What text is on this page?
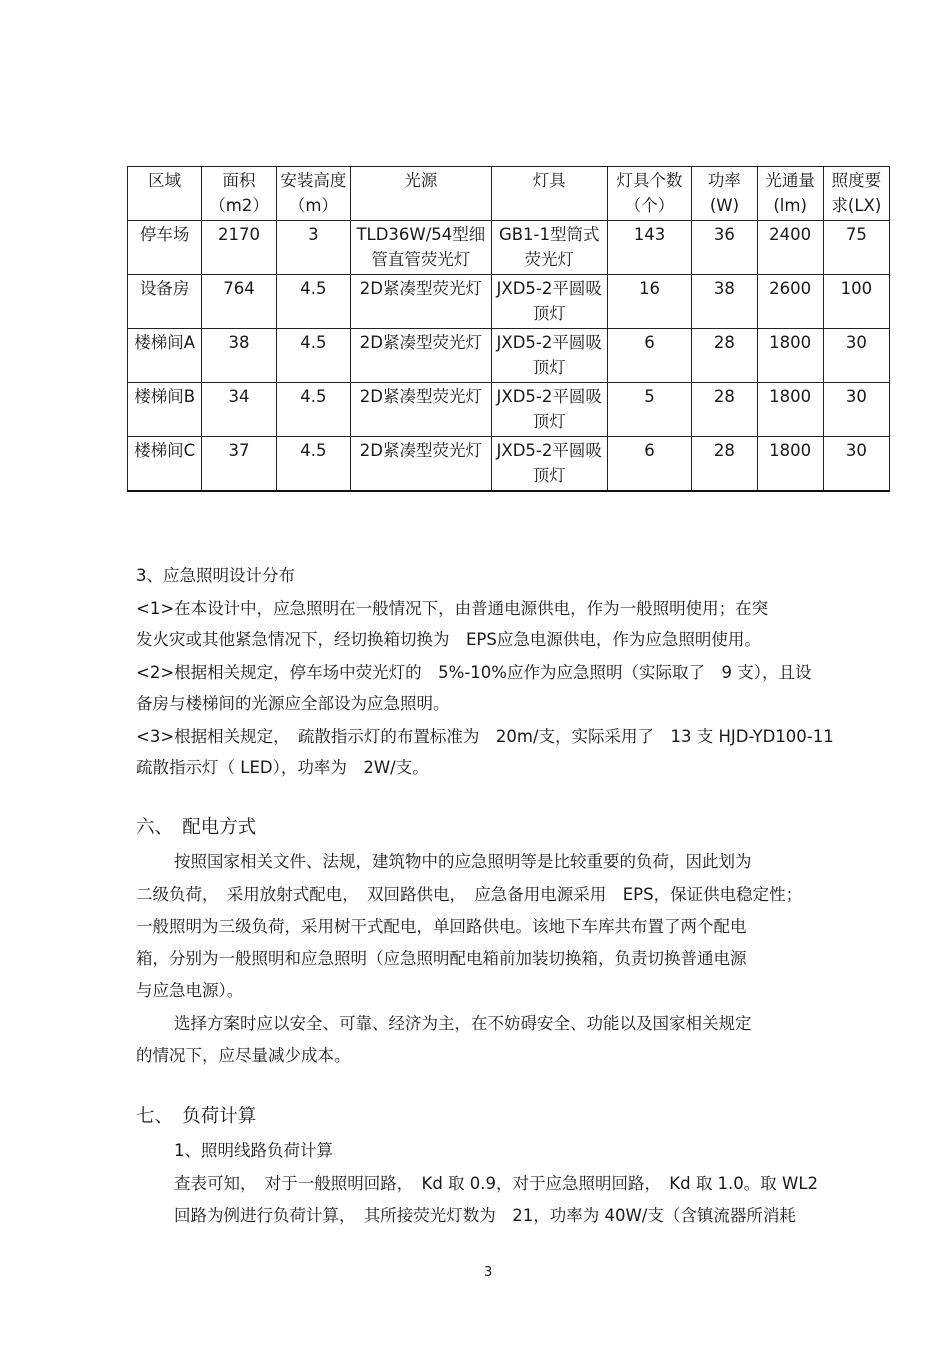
区域	面积（m2）	安装高度（m）	光源	灯具	灯具个数（个）	功率(W)	光通量(lm)	照度要求(LX)
停车场	2170	3	TLD36W/54型细管直管荧光灯	GB1-1型筒式荧光灯	143	36	2400	75
设备房	764	4.5	2D紧凑型荧光灯	JXD5-2平圆吸顶灯	16	38	2600	100
楼梯间A	38	4.5	2D紧凑型荧光灯	JXD5-2平圆吸顶灯	6	28	1800	30
楼梯间B	34	4.5	2D紧凑型荧光灯	JXD5-2平圆吸顶灯	5	28	1800	30
楼梯间C	37	4.5	2D紧凑型荧光灯	JXD5-2平圆吸顶灯	6	28	1800	30
3、应急照明设计分布
<1>在本设计中，应急照明在一般情况下，由普通电源供电，作为一般照明使用；在突
发火灾或其他紧急情况下，经切换箱切换为　EPS应急电源供电，作为应急照明使用。
<2>根据相关规定，停车场中荧光灯的　5%-10%应作为应急照明（实际取了　9 支），且设
备房与楼梯间的光源应全部设为应急照明。
<3>根据相关规定，　疏散指示灯的布置标准为　20m/支，实际采用了　13 支 HJD-YD100-11
疏散指示灯（ LED），功率为　2W/支。
六、　配电方式
按照国家相关文件、法规，建筑物中的应急照明等是比较重要的负荷，因此划为
二级负荷，　采用放射式配电，　双回路供电，　应急备用电源采用　EPS，保证供电稳定性；
一般照明为三级负荷，采用树干式配电，单回路供电。该地下车库共布置了两个配电
箱，分别为一般照明和应急照明（应急照明配电箱前加装切换箱，负责切换普通电源
与应急电源）。
选择方案时应以安全、可靠、经济为主，在不妨碍安全、功能以及国家相关规定
的情况下，应尽量减少成本。
七、　负荷计算
1、照明线路负荷计算
查表可知，　对于一般照明回路，　Kd 取 0.9，对于应急照明回路，　Kd 取 1.0。取 WL2
回路为例进行负荷计算，　其所接荧光灯数为　21，功率为 40W/支（含镇流器所消耗
3
